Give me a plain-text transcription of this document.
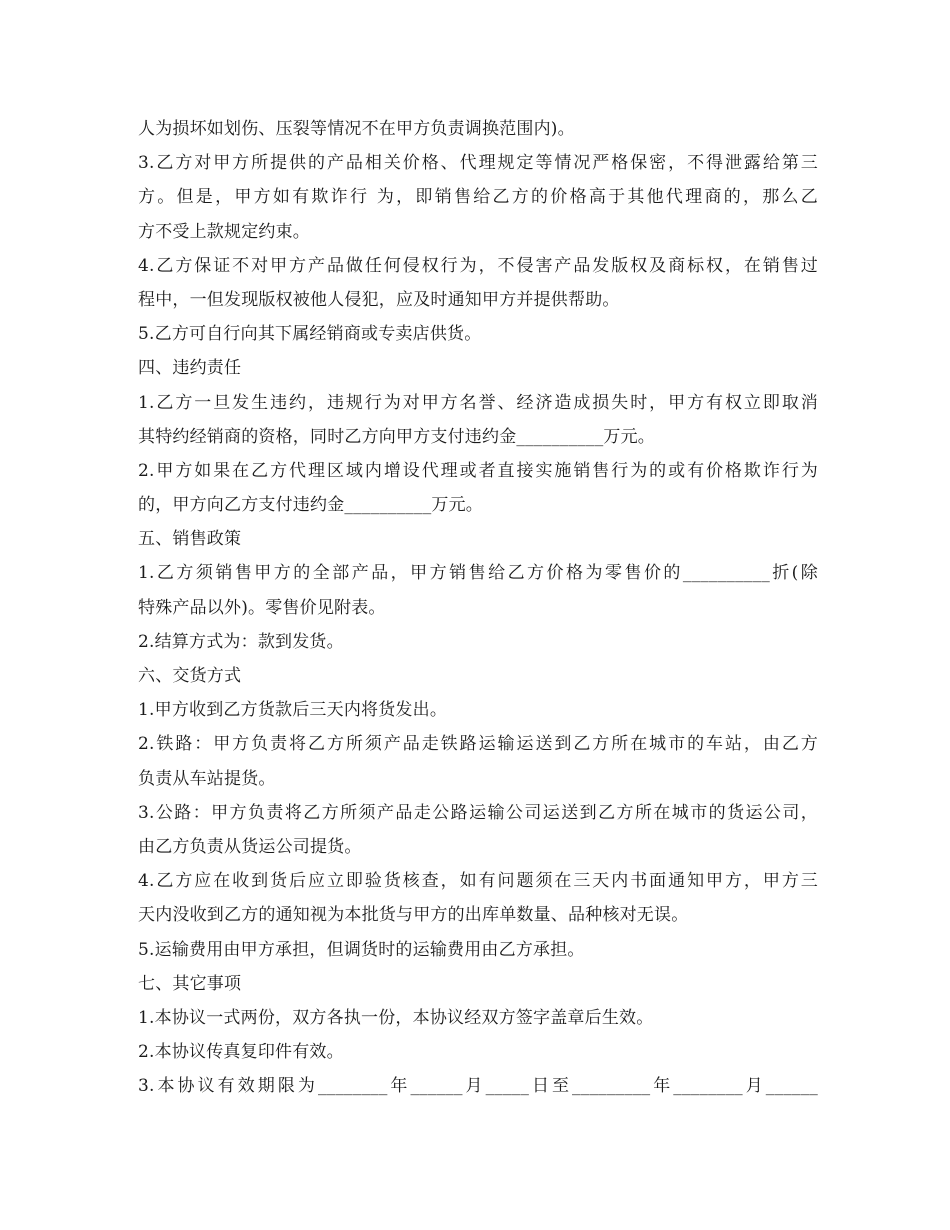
人为损坏如划伤、压裂等情况不在甲方负责调换范围内)。
3.乙方对甲方所提供的产品相关价格、代理规定等情况严格保密，不得泄露给第三
方。但是，甲方如有欺诈行 为，即销售给乙方的价格高于其他代理商的，那么乙
方不受上款规定约束。
4.乙方保证不对甲方产品做任何侵权行为，不侵害产品发版权及商标权，在销售过
程中，一但发现版权被他人侵犯，应及时通知甲方并提供帮助。
5.乙方可自行向其下属经销商或专卖店供货。
四、违约责任
1.乙方一旦发生违约，违规行为对甲方名誉、经济造成损失时，甲方有权立即取消
其特约经销商的资格，同时乙方向甲方支付违约金__________万元。
2.甲方如果在乙方代理区域内增设代理或者直接实施销售行为的或有价格欺诈行为
的，甲方向乙方支付违约金__________万元。
五、销售政策
1.乙方须销售甲方的全部产品，甲方销售给乙方价格为零售价的__________折(除
特殊产品以外)。零售价见附表。
2.结算方式为：款到发货。
六、交货方式
1.甲方收到乙方货款后三天内将货发出。
2.铁路：甲方负责将乙方所须产品走铁路运输运送到乙方所在城市的车站，由乙方
负责从车站提货。
3.公路：甲方负责将乙方所须产品走公路运输公司运送到乙方所在城市的货运公司，
由乙方负责从货运公司提货。
4.乙方应在收到货后应立即验货核查，如有问题须在三天内书面通知甲方，甲方三
天内没收到乙方的通知视为本批货与甲方的出库单数量、品种核对无误。
5.运输费用由甲方承担，但调货时的运输费用由乙方承担。
七、其它事项
1.本协议一式两份，双方各执一份，本协议经双方签字盖章后生效。
2.本协议传真复印件有效。
3.本协议有效期限为________年______月_____日至_________年________月______
